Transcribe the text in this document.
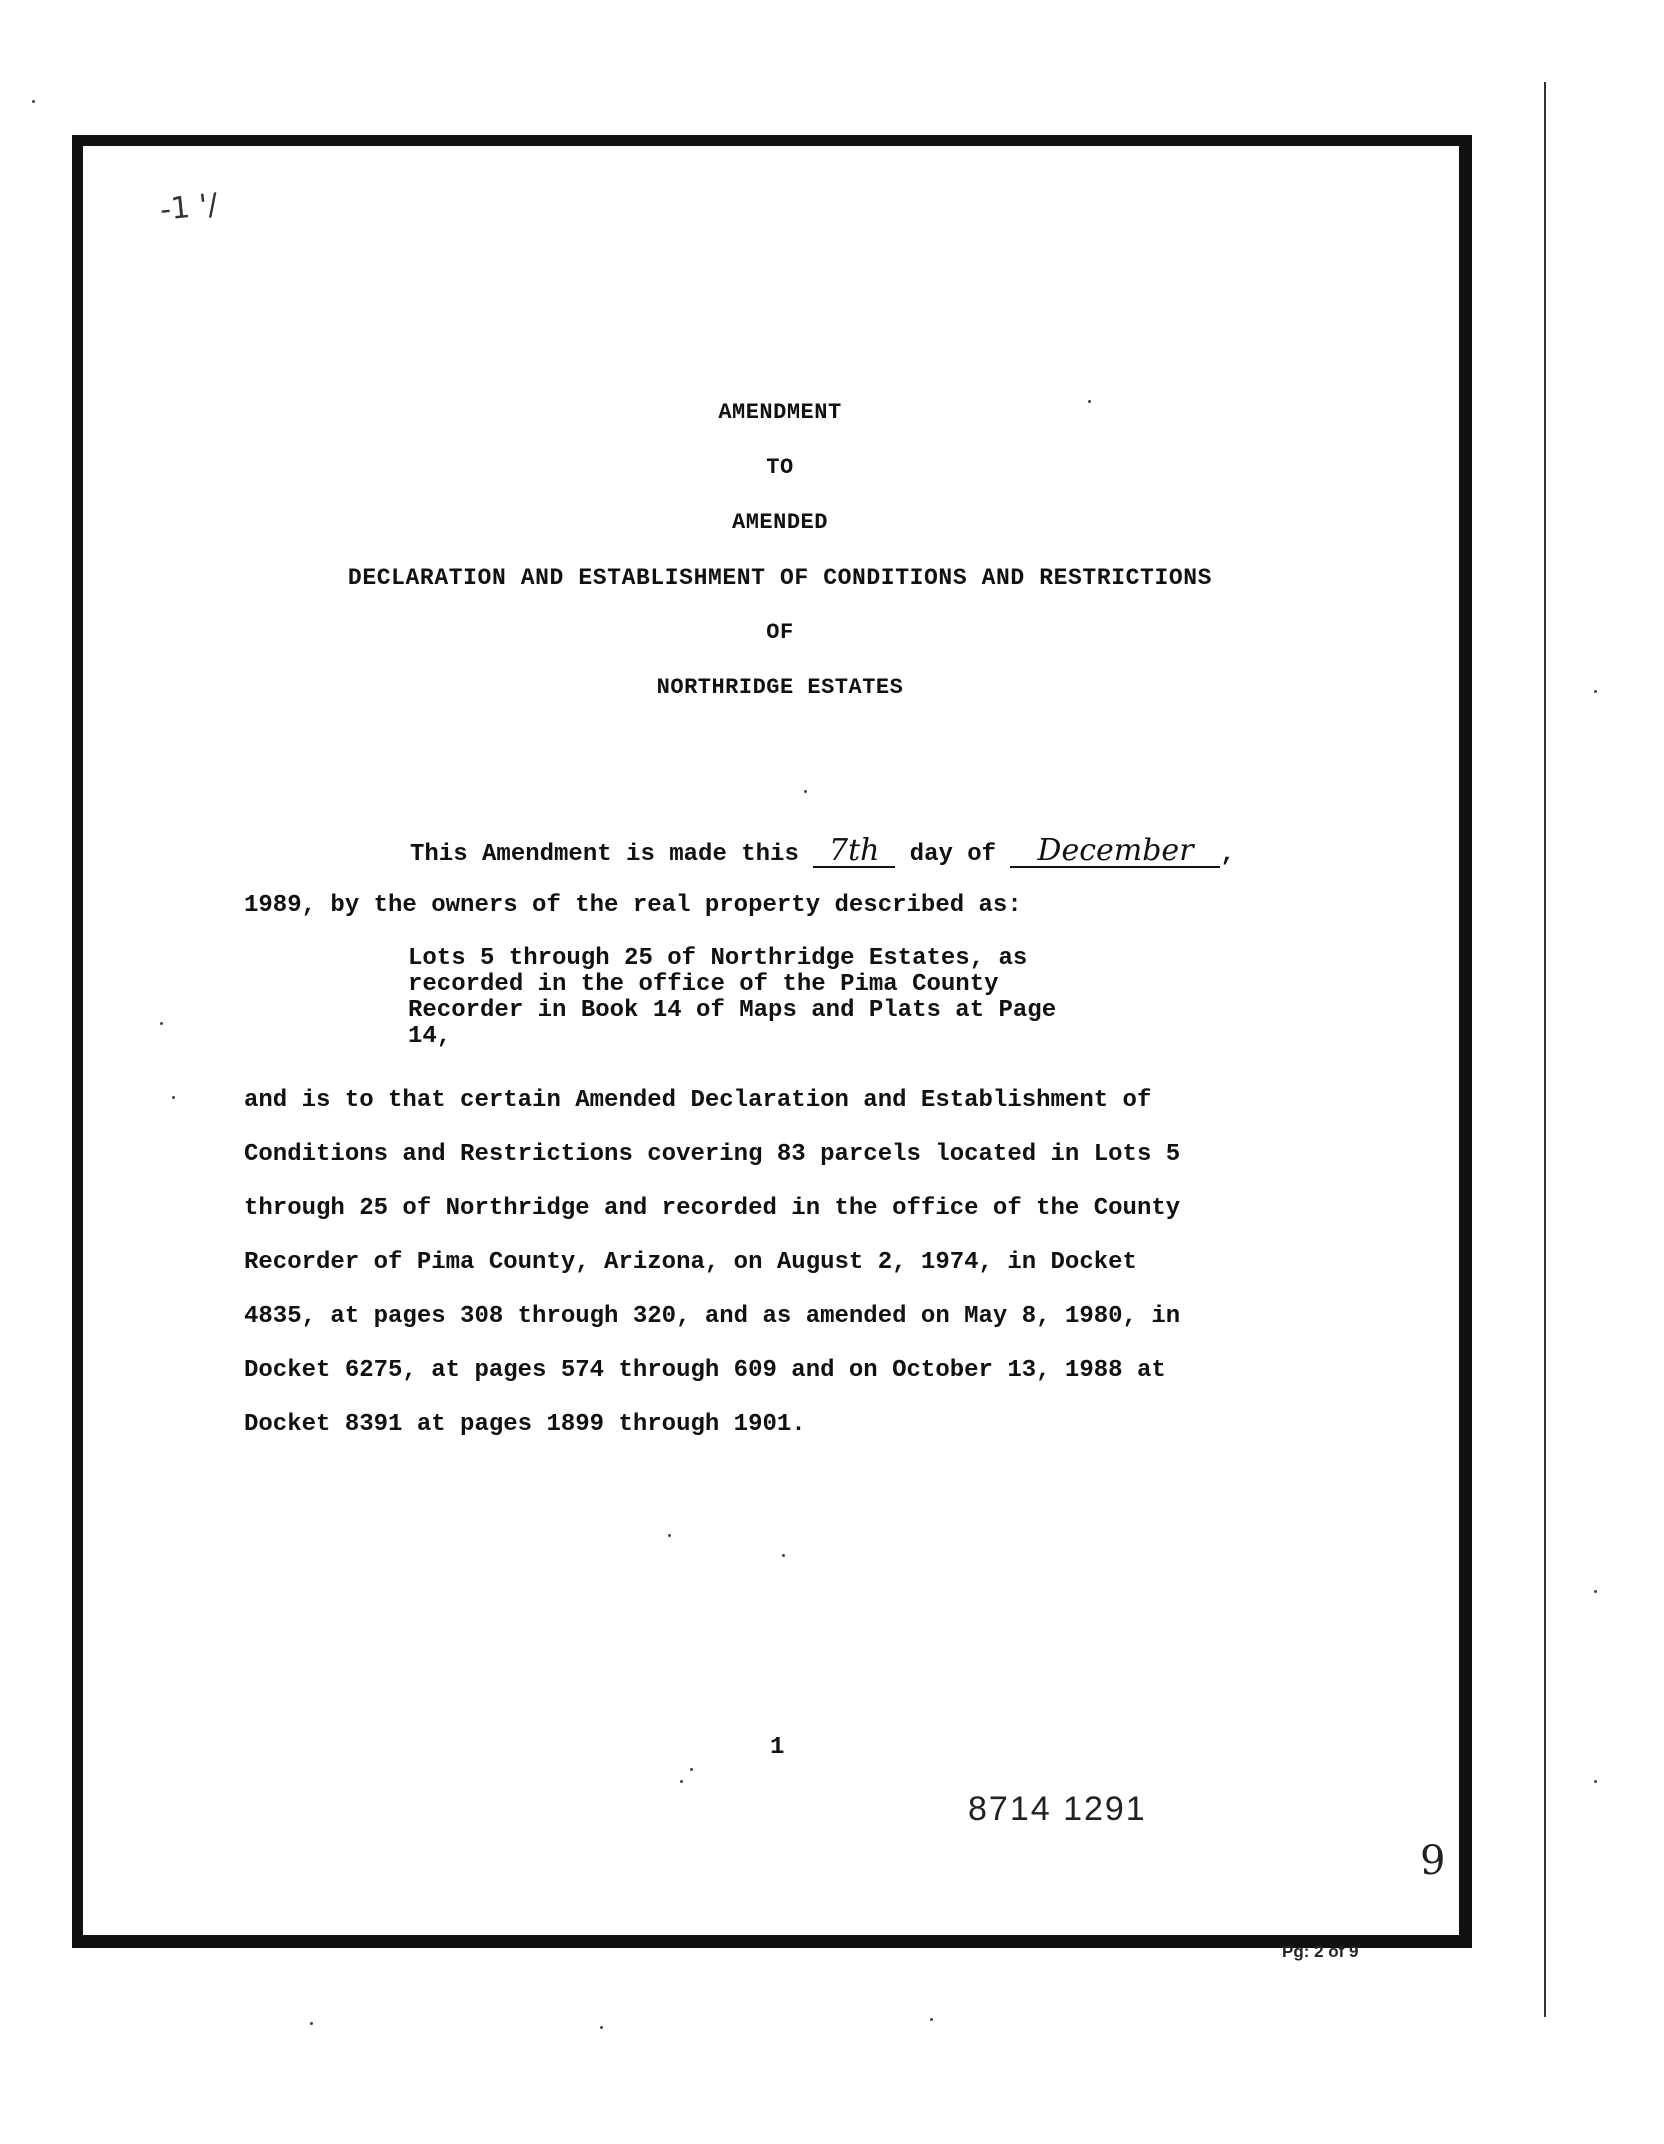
-1 '/
AMENDMENT
TO
AMENDED
DECLARATION AND ESTABLISHMENT OF CONDITIONS AND RESTRICTIONS
OF
NORTHRIDGE ESTATES
This Amendment is made this 7th day of December ,
1989, by the owners of the real property described as:
Lots 5 through 25 of Northridge Estates, as
recorded in the office of the Pima County
Recorder in Book 14 of Maps and Plats at Page
14,
and is to that certain Amended Declaration and Establishment of
Conditions and Restrictions covering 83 parcels located in Lots 5
through 25 of Northridge and recorded in the office of the County
Recorder of Pima County, Arizona, on August 2, 1974, in Docket
4835, at pages 308 through 320, and as amended on May 8, 1980, in
Docket 6275, at pages 574 through 609 and on October 13, 1988 at
Docket 8391 at pages 1899 through 1901.
1
8714 1291
9
Pg: 2 of 9
